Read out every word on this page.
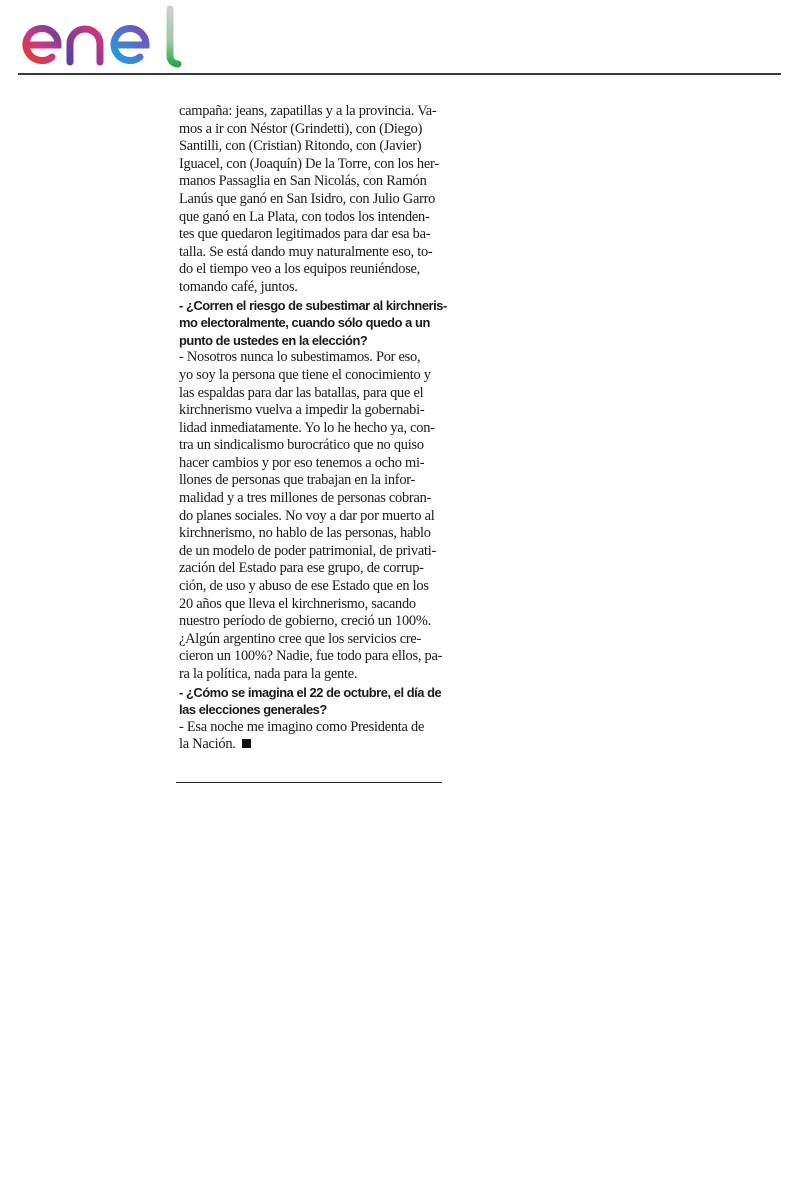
campaña: jeans, zapatillas y a la provincia. Va-
mos a ir con Néstor (Grindetti), con (Diego)
Santilli, con (Cristian) Ritondo, con (Javier)
Iguacel, con (Joaquín) De la Torre, con los her-
manos Passaglia en San Nicolás, con Ramón
Lanús que ganó en San Isidro, con Julio Garro
que ganó en La Plata, con todos los intenden-
tes que quedaron legitimados para dar esa ba-
talla. Se está dando muy naturalmente eso, to-
do el tiempo veo a los equipos reuniéndose,
tomando café, juntos.
- ¿Corren el riesgo de subestimar al kirchneris-
mo electoralmente, cuando sólo quedo a un
punto de ustedes en la elección?
- Nosotros nunca lo subestimamos. Por eso,
yo soy la persona que tiene el conocimiento y
las espaldas para dar las batallas, para que el
kirchnerismo vuelva a impedir la gobernabi-
lidad inmediatamente. Yo lo he hecho ya, con-
tra un sindicalismo burocrático que no quiso
hacer cambios y por eso tenemos a ocho mi-
llones de personas que trabajan en la infor-
malidad y a tres millones de personas cobran-
do planes sociales. No voy a dar por muerto al
kirchnerismo, no hablo de las personas, hablo
de un modelo de poder patrimonial, de privati-
zación del Estado para ese grupo, de corrup-
ción, de uso y abuso de ese Estado que en los
20 años que lleva el kirchnerismo, sacando
nuestro período de gobierno, creció un 100%.
¿Algún argentino cree que los servicios cre-
cieron un 100%? Nadie, fue todo para ellos, pa-
ra la política, nada para la gente.
- ¿Cómo se imagina el 22 de octubre, el día de
las elecciones generales?
- Esa noche me imagino como Presidenta de
la Nación.
